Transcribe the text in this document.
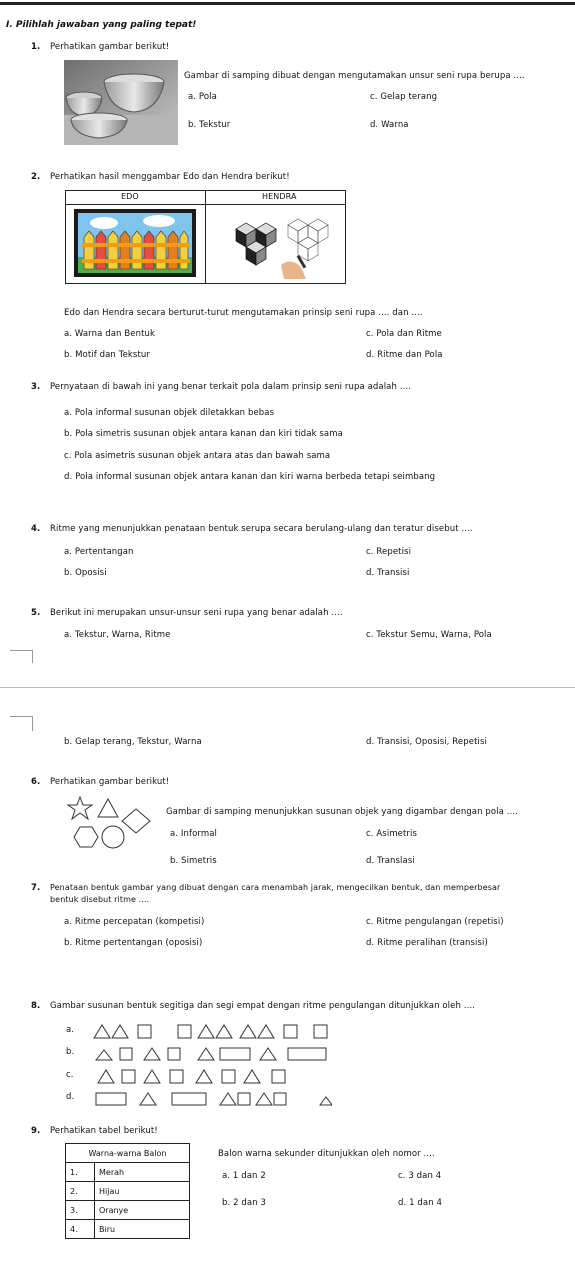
I. Pilihlah jawaban yang paling tepat!
1. Perhatikan gambar berikut!
Gambar di samping dibuat dengan mengutamakan unsur seni rupa berupa ....
a. Pola	c. Gelap terang
b. Tekstur	d. Warna
2. Perhatikan hasil menggambar Edo dan Hendra berikut!
EDO	HENDRA
Edo dan Hendra secara berturut-turut mengutamakan prinsip seni rupa .... dan ....
a. Warna dan Bentuk	c. Pola dan Ritme
b. Motif dan Tekstur	d. Ritme dan Pola
3. Pernyataan di bawah ini yang benar terkait pola dalam prinsip seni rupa adalah ....
a. Pola informal susunan objek diletakkan bebas
b. Pola simetris susunan objek antara kanan dan kiri tidak sama
c. Pola asimetris susunan objek antara atas dan bawah sama
d. Pola informal susunan objek antara kanan dan kiri warna berbeda tetapi seimbang
4. Ritme yang menunjukkan penataan bentuk serupa secara berulang-ulang dan teratur disebut ....
a. Pertentangan	c. Repetisi
b. Oposisi	d. Transisi
5. Berikut ini merupakan unsur-unsur seni rupa yang benar adalah ....
a. Tekstur, Warna, Ritme	c. Tekstur Semu, Warna, Pola
b. Gelap terang, Tekstur, Warna	d. Transisi, Oposisi, Repetisi
6. Perhatikan gambar berikut!
Gambar di samping menunjukkan susunan objek yang digambar dengan pola ....
a. Informal	c. Asimetris
b. Simetris	d. Translasi
7. Penataan bentuk gambar yang dibuat dengan cara menambah jarak, mengecilkan bentuk, dan memperbesar
bentuk disebut ritme ....
a. Ritme percepatan (kompetisi)	c. Ritme pengulangan (repetisi)
b. Ritme pertentangan (oposisi)	d. Ritme peralihan (transisi)
8. Gambar susunan bentuk segitiga dan segi empat dengan ritme pengulangan ditunjukkan oleh ....
a.
b.
c.
d.
9. Perhatikan tabel berikut!
Warna-warna Balon	
1.	Merah
2.	Hijau
3.	Oranye
4.	Biru
Balon warna sekunder ditunjukkan oleh nomor ....
a. 1 dan 2	c. 3 dan 4
b. 2 dan 3	d. 1 dan 4
